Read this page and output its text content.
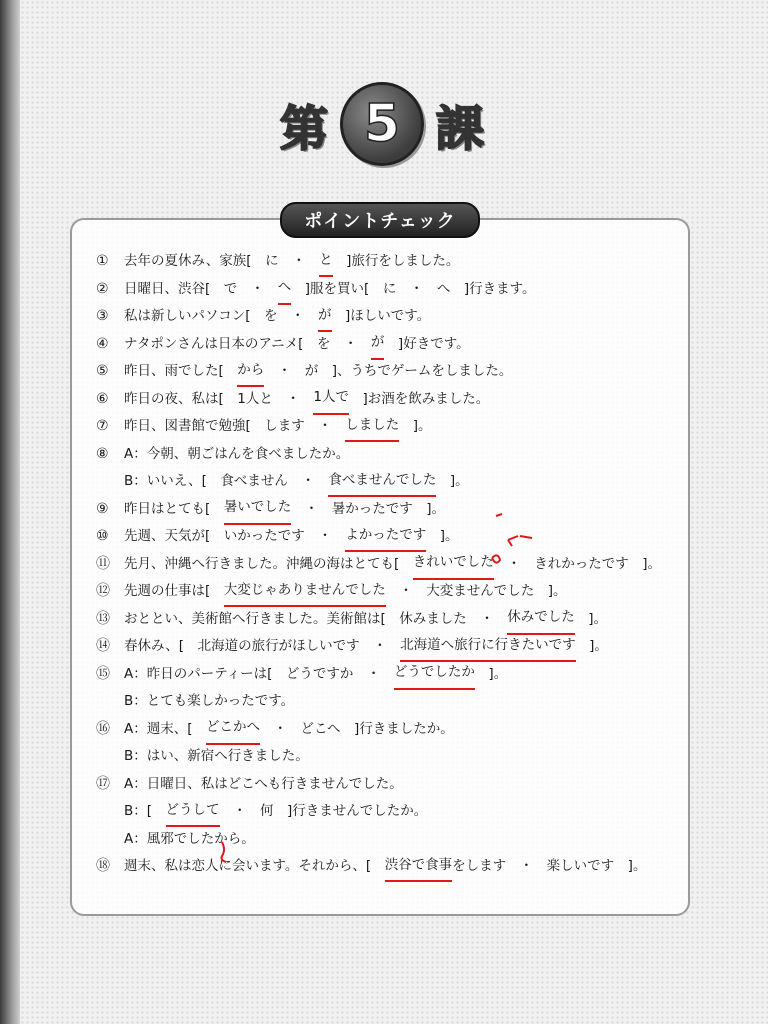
第 5 課
ポイントチェック
①	去年の夏休み、家族[　に　・　 と 　]旅行をしました。
②	日曜日、渋谷[　で　・　 へ 　]服を買い[　に　・　へ　]行きます。
③	私は新しいパソコン[　を　・　 が 　]ほしいです。
④	ナタポンさんは日本のアニメ[　を　・　 が 　]好きです。
⑤	昨日、雨でした[　 から 　・　が　]、うちでゲームをしました。
⑥	昨日の夜、私は[　1人と　・　 1人で 　]お酒を飲みました。
⑦	昨日、図書館で勉強[　します　・　 しました 　]。
⑧	A：今朝、朝ごはんを食べましたか。
B：いいえ、[　食べません　・　 食べませんでした 　]。
⑨	昨日はとても[　 暑いでした 　・　暑かったです　]。
⑩	先週、天気が[　いかったです　・　 よかったです 　]。
⑪	先月、沖縄へ行きました。沖縄の海はとても[　 きれいでした 　・　きれかったです　]。
⑫	先週の仕事は[　 大変じゃありませんでした 　・　大変ませんでした　]。
⑬	おととい、美術館へ行きました。美術館は[　休みました　・　 休みでした 　]。
⑭	春休み、[　北海道の旅行がほしいです　・　 北海道へ旅行に行きたいです 　]。
⑮	A：昨日のパーティーは[　どうですか　・　 どうでしたか 　]。
B：とても楽しかったです。
⑯	A：週末、[　 どこかへ 　・　どこへ　]行きましたか。
B：はい、新宿へ行きました。
⑰	A：日曜日、私はどこへも行きませんでした。
B：[　 どうして 　・　何　]行きませんでしたか。
A：風邪でしたから。
⑱	週末、私は恋人に会います。それから、[　 渋谷で食事 をします　・　楽しいです　]。
